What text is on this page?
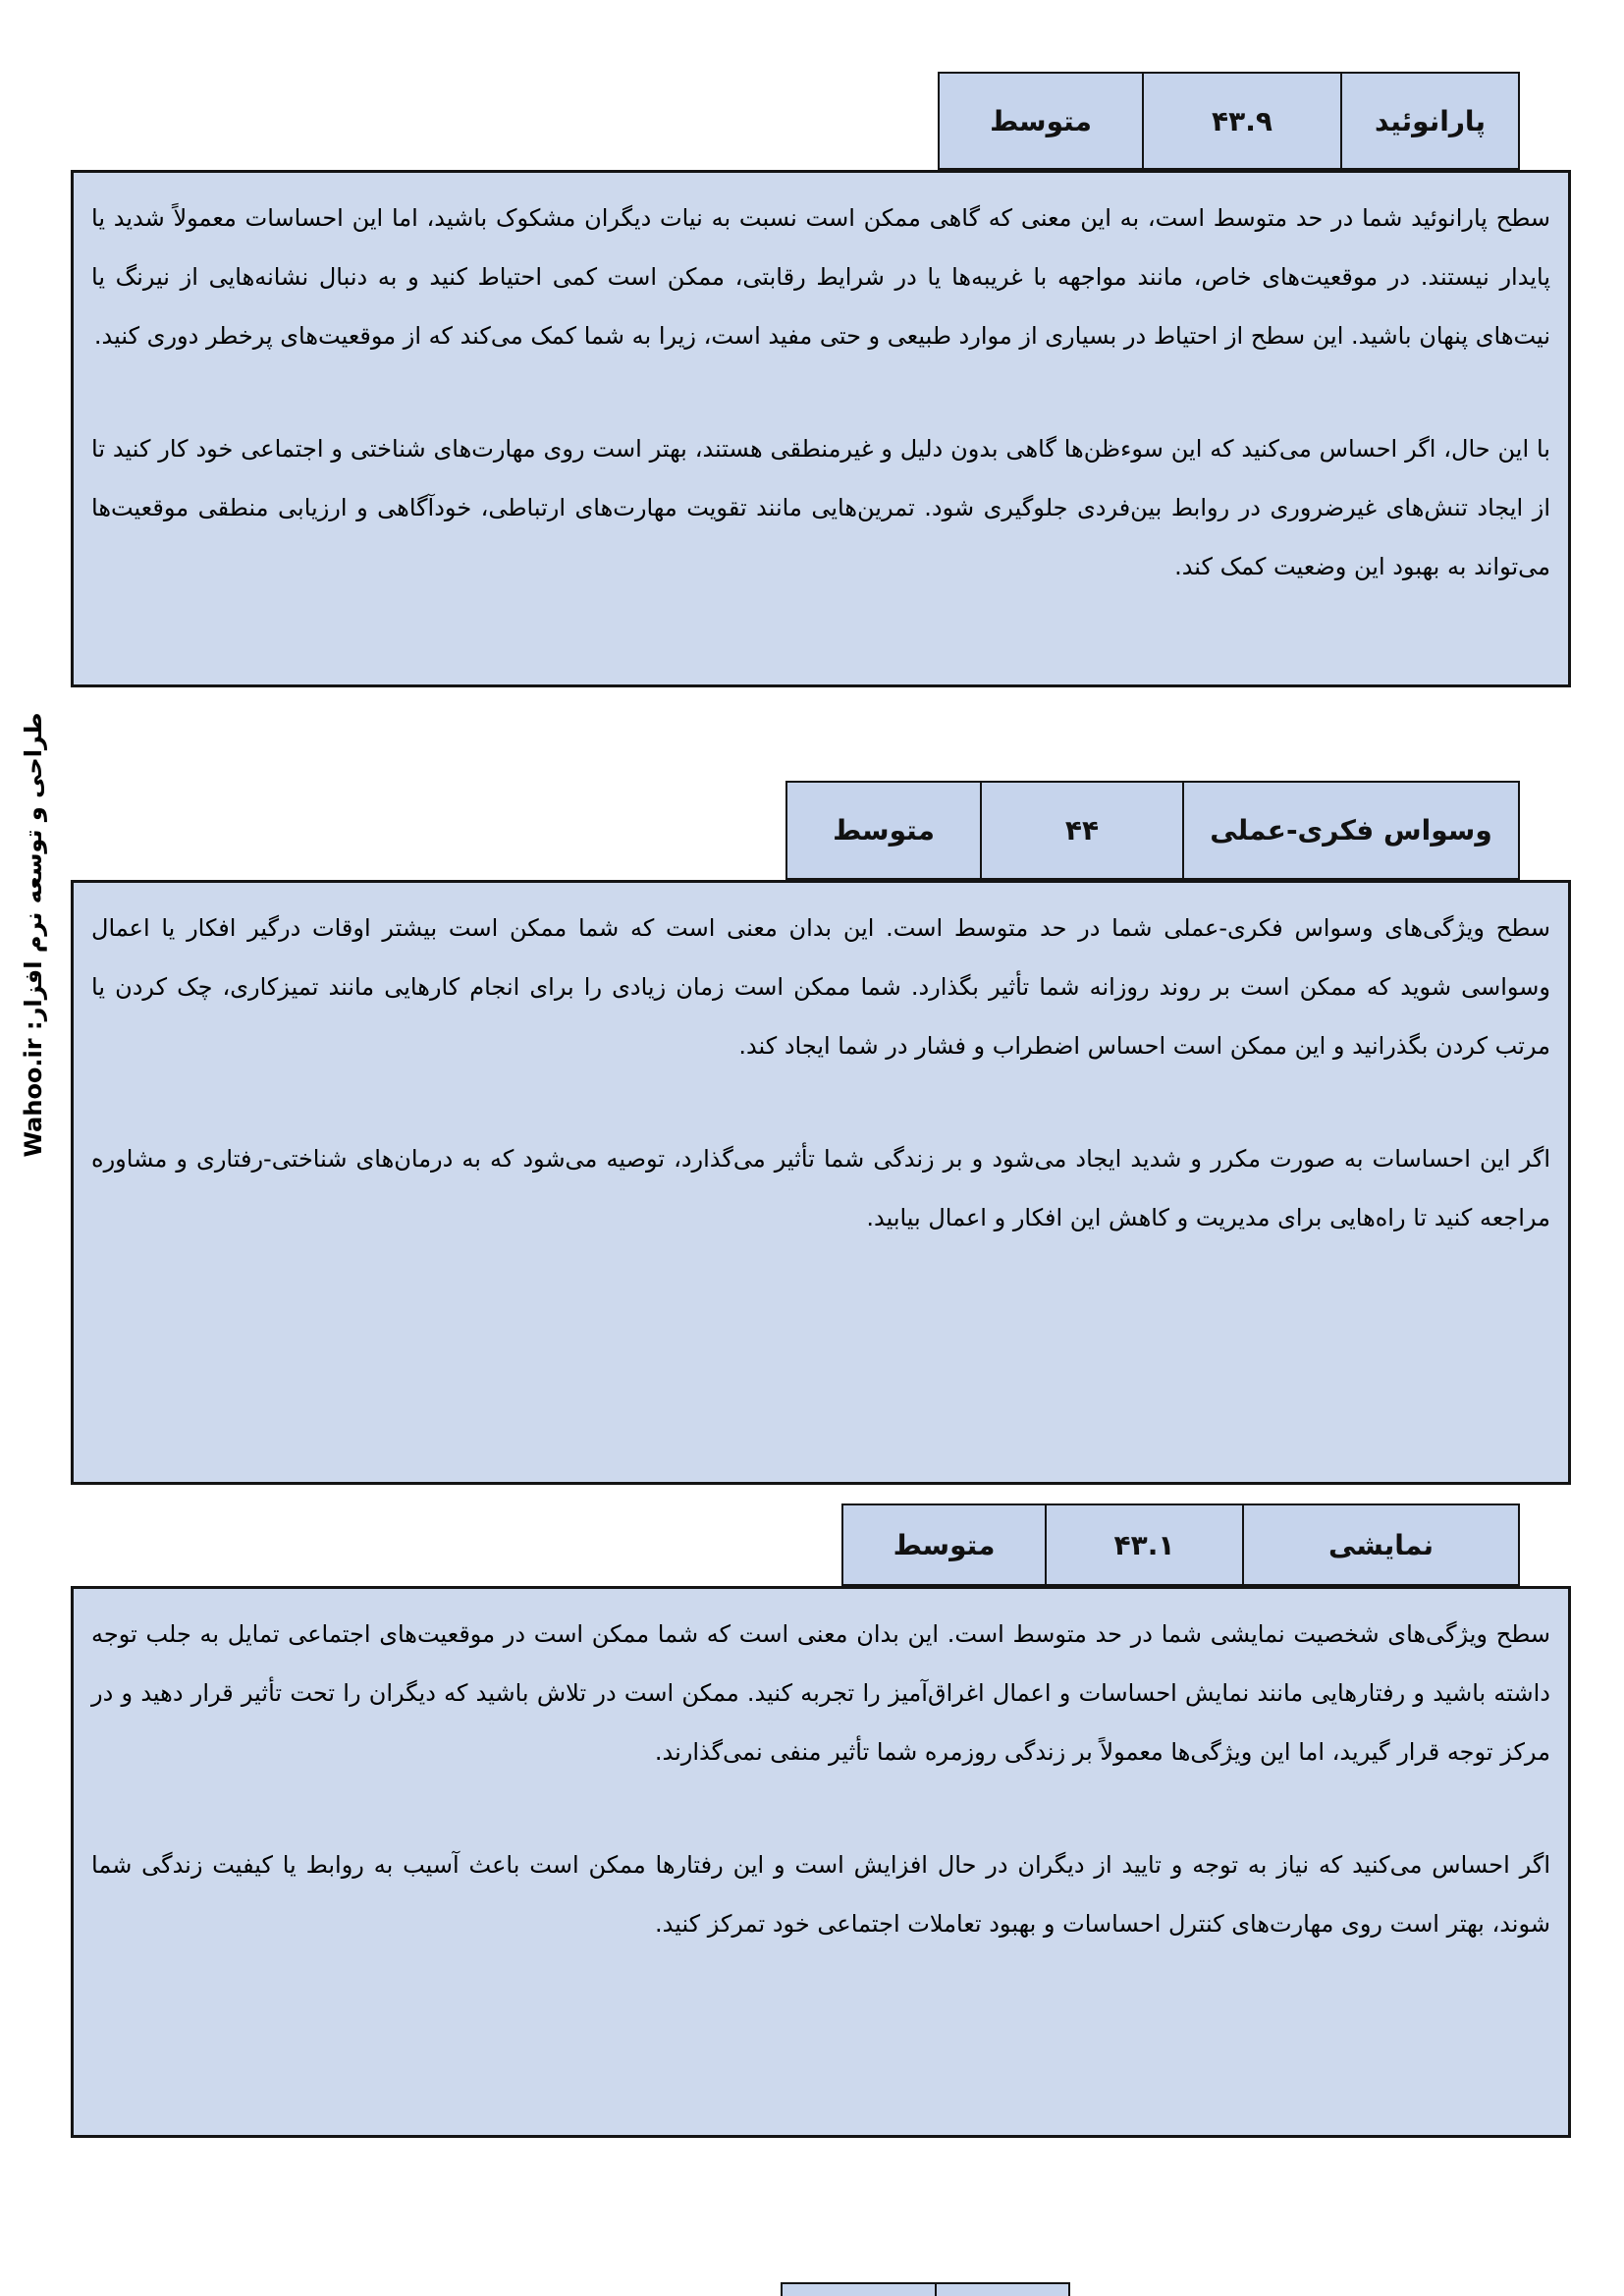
طراحی و توسعه نرم افزار: Wahoo.ir
متوسط	۴۳.۹	پارانوئید

سطح پارانوئید شما در حد متوسط است، به این معنی که گاهی ممکن است نسبت به نیات دیگران مشکوک باشید، اما این احساسات معمولاً شدید یا پایدار نیستند. در موقعیت‌های خاص، مانند مواجهه با غریبه‌ها یا در شرایط رقابتی، ممکن است کمی احتیاط کنید و به دنبال نشانه‌هایی از نیرنگ یا نیت‌های پنهان باشید. این سطح از احتیاط در بسیاری از موارد طبیعی و حتی مفید است، زیرا به شما کمک می‌کند که از موقعیت‌های پرخطر دوری کنید.

با این حال، اگر احساس می‌کنید که این سوءظن‌ها گاهی بدون دلیل و غیرمنطقی هستند، بهتر است روی مهارت‌های شناختی و اجتماعی خود کار کنید تا از ایجاد تنش‌های غیرضروری در روابط بین‌فردی جلوگیری شود. تمرین‌هایی مانند تقویت مهارت‌های ارتباطی، خودآگاهی و ارزیابی منطقی موقعیت‌ها می‌تواند به بهبود این وضعیت کمک کند.

متوسط	۴۴	وسواس فکری-عملی

سطح ویژگی‌های وسواس فکری-عملی شما در حد متوسط است. این بدان معنی است که شما ممکن است بیشتر اوقات درگیر افکار یا اعمال وسواسی شوید که ممکن است بر روند روزانه شما تأثیر بگذارد. شما ممکن است زمان زیادی را برای انجام کارهایی مانند تمیزکاری، چک کردن یا مرتب کردن بگذرانید و این ممکن است احساس اضطراب و فشار در شما ایجاد کند.

اگر این احساسات به صورت مکرر و شدید ایجاد می‌شود و بر زندگی شما تأثیر می‌گذارد، توصیه می‌شود که به درمان‌های شناختی-رفتاری و مشاوره مراجعه کنید تا راه‌هایی برای مدیریت و کاهش این افکار و اعمال بیابید.

متوسط	۴۳.۱	نمایشی

سطح ویژگی‌های شخصیت نمایشی شما در حد متوسط است. این بدان معنی است که شما ممکن است در موقعیت‌های اجتماعی تمایل به جلب توجه داشته باشید و رفتارهایی مانند نمایش احساسات و اعمال اغراق‌آمیز را تجربه کنید. ممکن است در تلاش باشید که دیگران را تحت تأثیر قرار دهید و در مرکز توجه قرار گیرید، اما این ویژگی‌ها معمولاً بر زندگی روزمره شما تأثیر منفی نمی‌گذارند.

اگر احساس می‌کنید که نیاز به توجه و تایید از دیگران در حال افزایش است و این رفتارها ممکن است باعث آسیب به روابط یا کیفیت زندگی شما شوند، بهتر است روی مهارت‌های کنترل احساسات و بهبود تعاملات اجتماعی خود تمرکز کنید.
